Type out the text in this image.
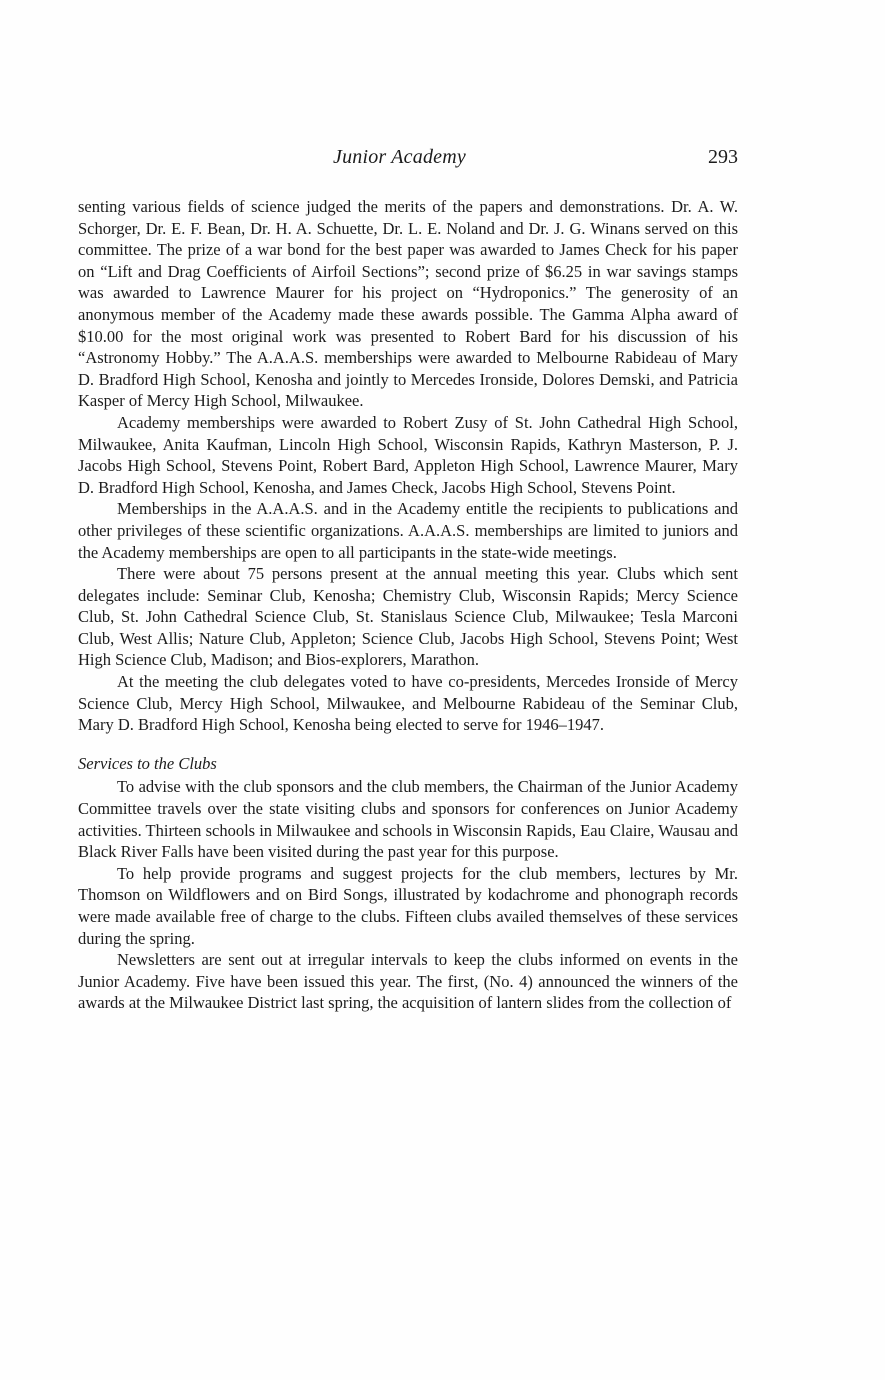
Junior Academy	293

senting various fields of science judged the merits of the papers and demonstrations. Dr. A. W. Schorger, Dr. E. F. Bean, Dr. H. A. Schuette, Dr. L. E. Noland and Dr. J. G. Winans served on this committee. The prize of a war bond for the best paper was awarded to James Check for his paper on “Lift and Drag Coefficients of Airfoil Sections”; second prize of $6.25 in war savings stamps was awarded to Lawrence Maurer for his project on “Hydroponics.” The generosity of an anonymous member of the Academy made these awards possible. The Gamma Alpha award of $10.00 for the most original work was presented to Robert Bard for his discussion of his “Astronomy Hobby.” The A.A.A.S. memberships were awarded to Melbourne Rabideau of Mary D. Bradford High School, Kenosha and jointly to Mercedes Ironside, Dolores Demski, and Patricia Kasper of Mercy High School, Milwaukee.

Academy memberships were awarded to Robert Zusy of St. John Cathedral High School, Milwaukee, Anita Kaufman, Lincoln High School, Wisconsin Rapids, Kathryn Masterson, P. J. Jacobs High School, Stevens Point, Robert Bard, Appleton High School, Lawrence Maurer, Mary D. Bradford High School, Kenosha, and James Check, Jacobs High School, Stevens Point.

Memberships in the A.A.A.S. and in the Academy entitle the recipients to publications and other privileges of these scientific organizations. A.A.A.S. memberships are limited to juniors and the Academy memberships are open to all participants in the state-wide meetings.

There were about 75 persons present at the annual meeting this year. Clubs which sent delegates include: Seminar Club, Kenosha; Chemistry Club, Wisconsin Rapids; Mercy Science Club, St. John Cathedral Science Club, St. Stanislaus Science Club, Milwaukee; Tesla Marconi Club, West Allis; Nature Club, Appleton; Science Club, Jacobs High School, Stevens Point; West High Science Club, Madison; and Bios-explorers, Marathon.

At the meeting the club delegates voted to have co-presidents, Mercedes Ironside of Mercy Science Club, Mercy High School, Milwaukee, and Melbourne Rabideau of the Seminar Club, Mary D. Bradford High School, Kenosha being elected to serve for 1946–1947.

Services to the Clubs

To advise with the club sponsors and the club members, the Chairman of the Junior Academy Committee travels over the state visiting clubs and sponsors for conferences on Junior Academy activities. Thirteen schools in Milwaukee and schools in Wisconsin Rapids, Eau Claire, Wausau and Black River Falls have been visited during the past year for this purpose.

To help provide programs and suggest projects for the club members, lectures by Mr. Thomson on Wildflowers and on Bird Songs, illustrated by kodachrome and phonograph records were made available free of charge to the clubs. Fifteen clubs availed themselves of these services during the spring.

Newsletters are sent out at irregular intervals to keep the clubs informed on events in the Junior Academy. Five have been issued this year. The first, (No. 4) announced the winners of the awards at the Milwaukee District last spring, the acquisition of lantern slides from the collection of
